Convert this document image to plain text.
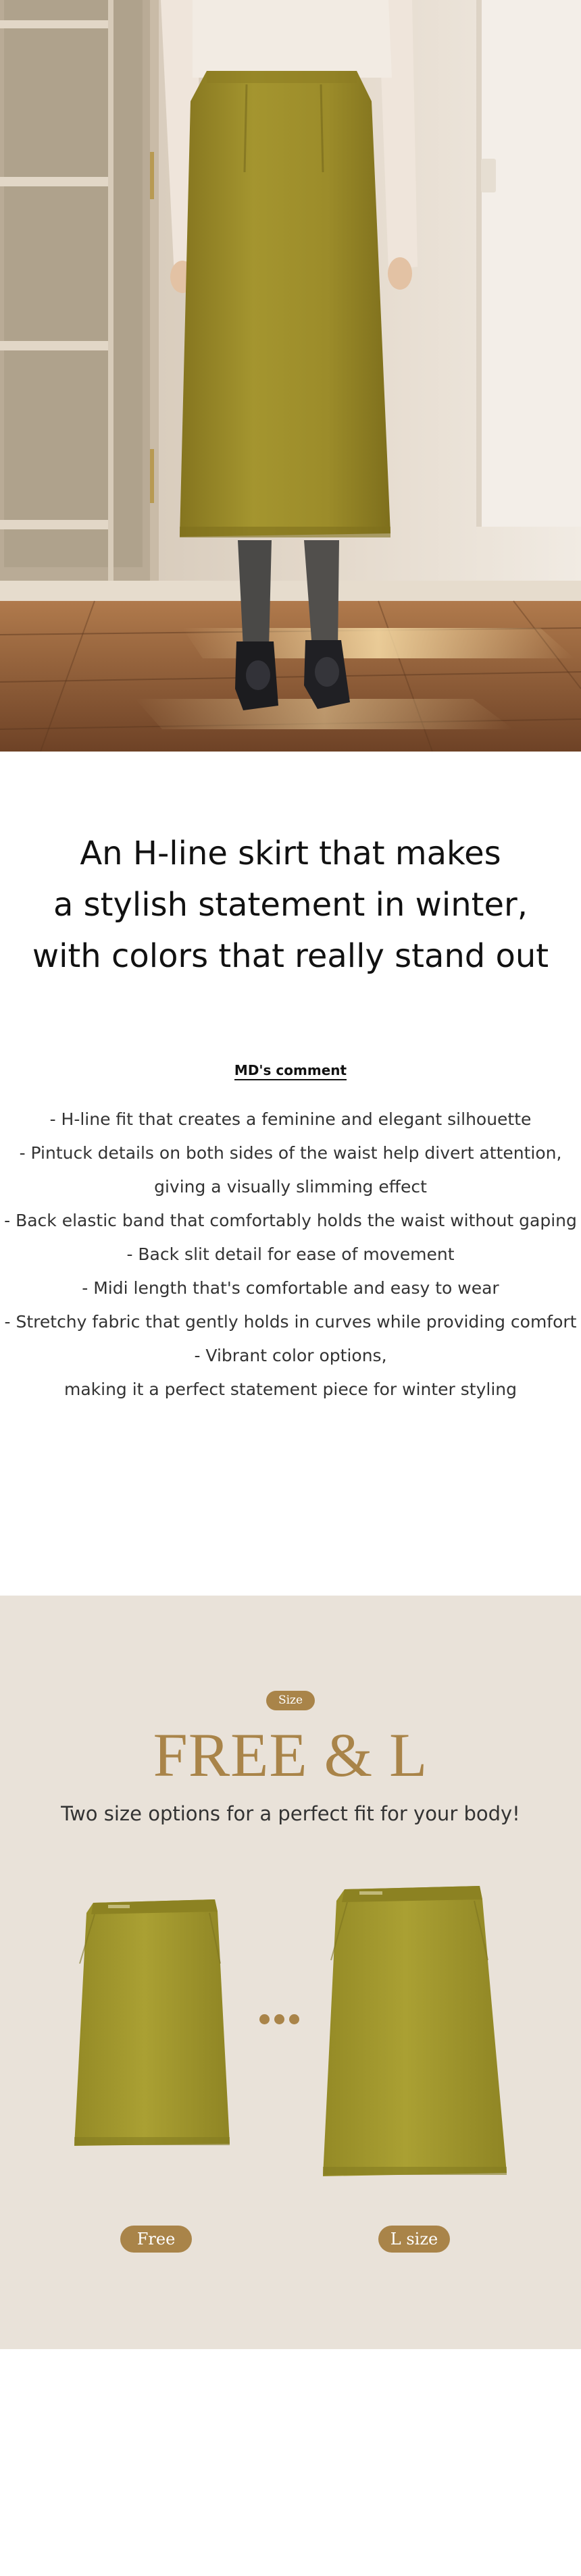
An H-line skirt that makes
a stylish statement in winter,
with colors that really stand out
MD's comment
- H-line fit that creates a feminine and elegant silhouette
- Pintuck details on both sides of the waist help divert attention,
giving a visually slimming effect
- Back elastic band that comfortably holds the waist without gaping
- Back slit detail for ease of movement
- Midi length that's comfortable and easy to wear
- Stretchy fabric that gently holds in curves while providing comfort
- Vibrant color options,
making it a perfect statement piece for winter styling
Size
FREE & L
Two size options for a perfect fit for your body!
Free	L size
